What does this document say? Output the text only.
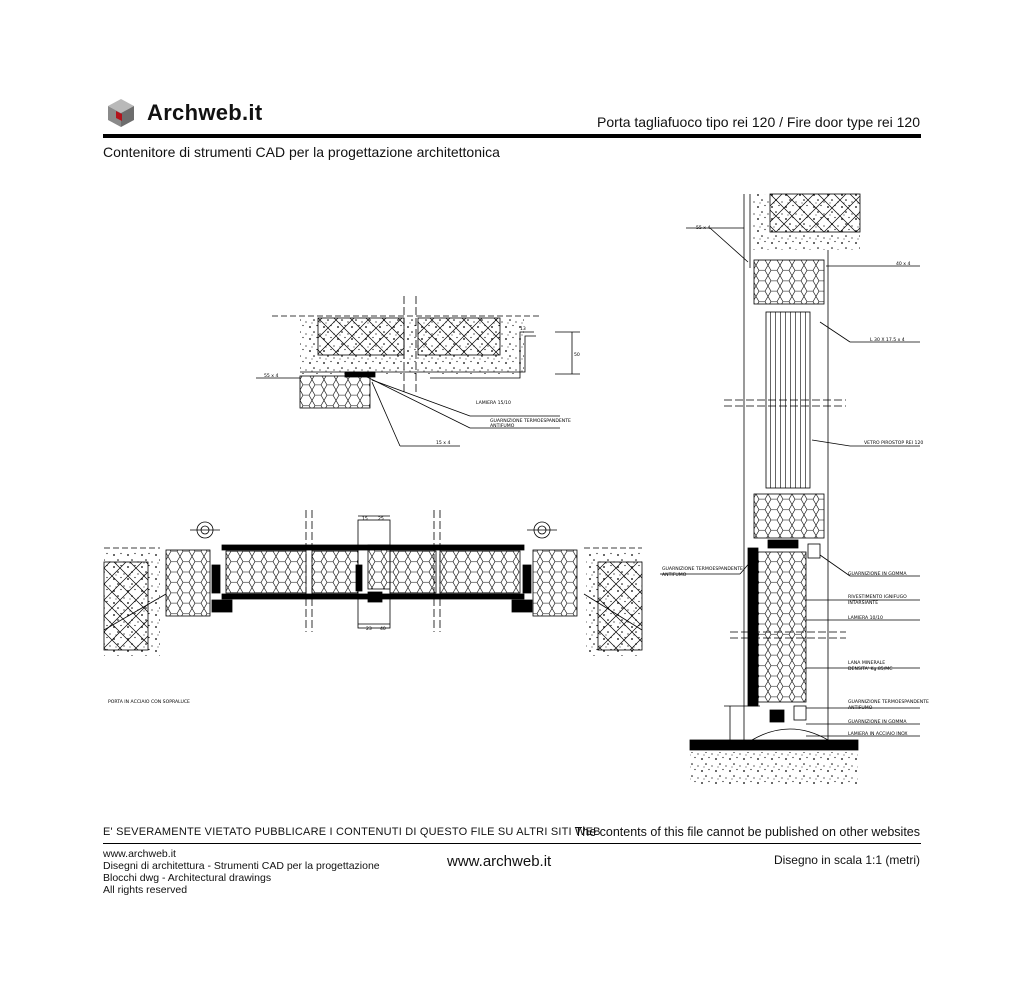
Archweb.it	Porta tagliafuoco tipo rei 120 / Fire door type rei 120
Contenitore di strumenti CAD per la progettazione architettonica
LAMIERA 15/10
GUARNIZIONE TERMOESPANDENTE
ANTIFUMO
55 x 4
15 x 4
13
50
15 25
23 40
PORTA IN ACCIAIO CON SOPRALUCE
55 x 4
40 x 4
L 30 X 17.5 x 4
VETRO PIROSTOP REI 120
GUARNIZIONE TERMOESPANDENTE
ANTIFUMO	GUARNIZIONE IN GOMMA
RIVESTIMENTO IGNIFUGO
INTARSIANTE
LAMIERA 10/10
LANA MINERALE
DENSITA' Kg.85/MC
GUARNIZIONE TERMOESPANDENTE
ANTIFUMO
GUARNIZIONE IN GOMMA
LAMIERA IN ACCIAIO INOX
E' SEVERAMENTE VIETATO PUBBLICARE I CONTENUTI DI QUESTO FILE SU ALTRI SITI WEB
The contents of this file cannot be published on other websites
www.archweb.it
Disegni di architettura - Strumenti CAD per la progettazione
Blocchi dwg - Architectural drawings
All rights reserved
www.archweb.it	Disegno in scala 1:1 (metri)
